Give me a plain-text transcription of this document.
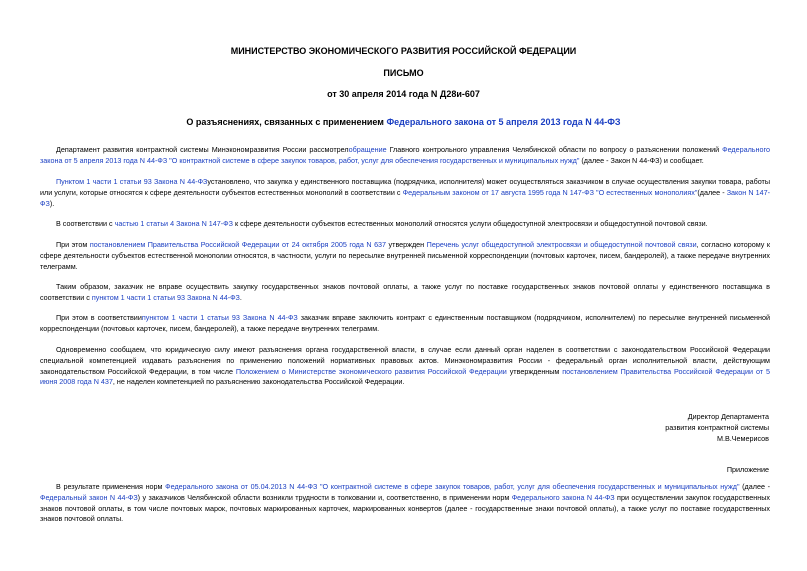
МИНИСТЕРСТВО ЭКОНОМИЧЕСКОГО РАЗВИТИЯ РОССИЙСКОЙ ФЕДЕРАЦИИ
ПИСЬМО
от 30 апреля 2014 года N Д28и-607
О разъяснениях, связанных с применением Федерального закона от 5 апреля 2013 года N 44-ФЗ

Департамент развития контрактной системы Минэкономразвития России рассмотрелобращение Главного контрольного управления Челябинской области по вопросу о разъяснении положений Федерального закона от 5 апреля 2013 года N 44-ФЗ "О контрактной системе в сфере закупок товаров, работ, услуг для обеспечения государственных и муниципальных нужд" (далее - Закон N 44-ФЗ) и сообщает.

Пунктом 1 части 1 статьи 93 Закона N 44-ФЗустановлено, что закупка у единственного поставщика (подрядчика, исполнителя) может осуществляться заказчиком в случае осуществления закупки товара, работы или услуги, которые относятся к сфере деятельности субъектов естественных монополий в соответствии с Федеральным законом от 17 августа 1995 года N 147-ФЗ "О естественных монополиях"(далее - Закон N 147-ФЗ).

В соответствии с частью 1 статьи 4 Закона N 147-ФЗ к сфере деятельности субъектов естественных монополий относятся услуги общедоступной электросвязи и общедоступной почтовой связи.

При этом постановлением Правительства Российской Федерации от 24 октября 2005 года N 637 утвержден Перечень услуг общедоступной электросвязи и общедоступной почтовой связи, согласно которому к сфере деятельности субъектов естественной монополии относятся, в частности, услуги по пересылке внутренней письменной корреспонденции (почтовых карточек, писем, бандеролей), а также передаче внутренних телеграмм.

Таким образом, заказчик не вправе осуществить закупку государственных знаков почтовой оплаты, а также услуг по поставке государственных знаков почтовой оплаты у единственного поставщика в соответствии с пунктом 1 части 1 статьи 93 Закона N 44-ФЗ.

При этом в соответствиипунктом 1 части 1 статьи 93 Закона N 44-ФЗ заказчик вправе заключить контракт с единственным поставщиком (подрядчиком, исполнителем) по пересылке внутренней письменной корреспонденции (почтовых карточек, писем, бандеролей), а также передаче внутренних телеграмм.

Одновременно сообщаем, что юридическую силу имеют разъяснения органа государственной власти, в случае если данный орган наделен в соответствии с законодательством Российской Федерации специальной компетенцией издавать разъяснения по применению положений нормативных правовых актов. Минэкономразвития России - федеральный орган исполнительной власти, действующим законодательством Российской Федерации, в том числе Положением о Министерстве экономического развития Российской Федерации утвержденным постановлением Правительства Российской Федерации от 5 июня 2008 года N 437, не наделен компетенцией по разъяснению законодательства Российской Федерации.

Директор Департамента
развития контрактной системы
М.В.Чемерисов
Приложение

В результате применения норм Федерального закона от 05.04.2013 N 44-ФЗ "О контрактной системе в сфере закупок товаров, работ, услуг для обеспечения государственных и муниципальных нужд" (далее - Федеральный закон N 44-ФЗ) у заказчиков Челябинской области возникли трудности в толковании и, соответственно, в применении норм Федерального закона N 44-ФЗ при осуществлении закупок государственных знаков почтовой оплаты, в том числе почтовых марок, почтовых маркированных карточек, маркированных конвертов (далее - государственные знаки почтовой оплаты), а также услуг по поставке государственных знаков почтовой оплаты.
